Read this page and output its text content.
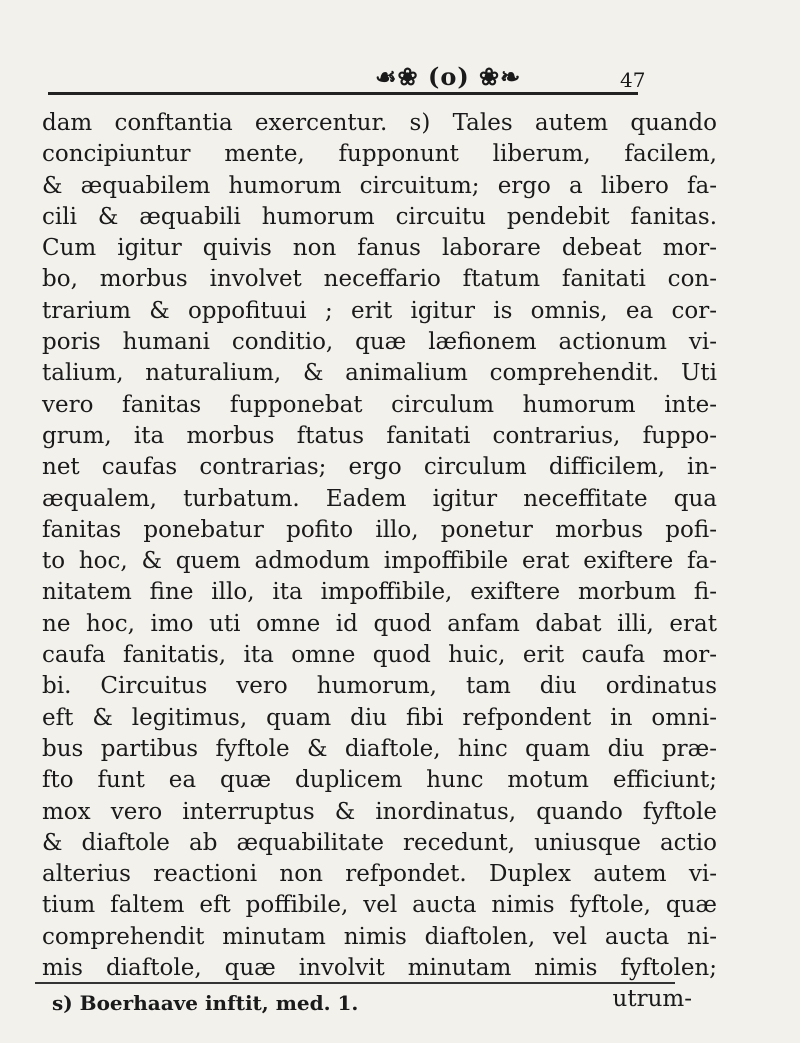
☙❀ (o) ❀❧	47
dam conftantia exercentur. s) Tales autem quando
concipiuntur mente, fupponunt liberum, facilem,
& æquabilem humorum circuitum; ergo a libero fa-
cili & æquabili humorum circuitu pendebit fanitas.
Cum igitur quivis non fanus laborare debeat mor-
bo, morbus involvet neceffario ftatum fanitati con-
trarium & oppofituui ; erit igitur is omnis, ea cor-
poris humani conditio, quæ læfionem actionum vi-
talium, naturalium, & animalium comprehendit. Uti
vero fanitas fupponebat circulum humorum inte-
grum, ita morbus ftatus fanitati contrarius, fuppo-
net caufas contrarias; ergo circulum difficilem, in-
æqualem, turbatum. Eadem igitur neceffitate qua
fanitas ponebatur pofito illo, ponetur morbus pofi-
to hoc, & quem admodum impoffibile erat exiftere fa-
nitatem fine illo, ita impoffibile, exiftere morbum fi-
ne hoc, imo uti omne id quod anfam dabat illi, erat
caufa fanitatis, ita omne quod huic, erit caufa mor-
bi. Circuitus vero humorum, tam diu ordinatus
eft & legitimus, quam diu fibi refpondent in omni-
bus partibus fyftole & diaftole, hinc quam diu præ-
fto funt ea quæ duplicem hunc motum efficiunt;
mox vero interruptus & inordinatus, quando fyftole
& diaftole ab æquabilitate recedunt, uniusque actio
alterius reactioni non refpondet. Duplex autem vi-
tium faltem eft poffibile, vel aucta nimis fyftole, quæ
comprehendit minutam nimis diaftolen, vel aucta ni-
mis diaftole, quæ involvit minutam nimis fyftolen;
utrum-
s) Boerhaave inftit, med. 1.
